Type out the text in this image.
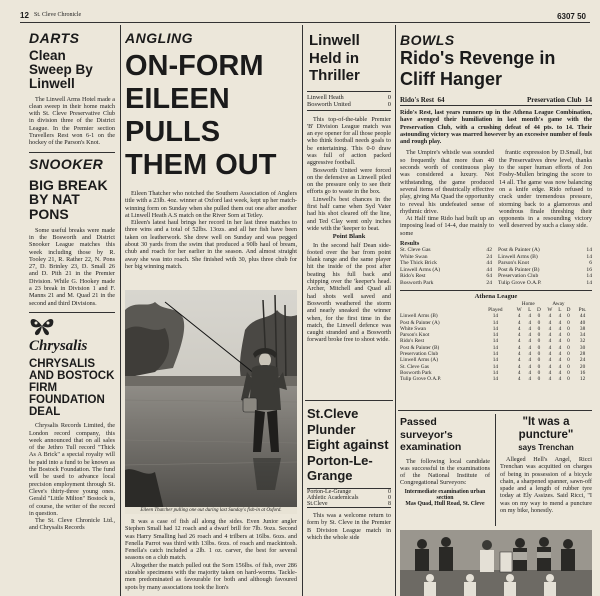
12 St. Cleve Chronicle	6307 50
DARTS
Clean Sweep By Linwell

The Linwell Arms Hotel made a clean sweep in their home match with St. Cleve Preservative Club in division three of the District League. In the Premier section Travellers Rest won 6-1 on the hockey of the Parson's Knot.

SNOOKER
BIG BREAK BY NAT PONS

Some useful breaks were made in the Bosworth and District Snooker League matches this week including those by R. Tooley 21, R. Rather 22, N. Pons 27, D. Brinley 23, D. Small 26 and D. Pith 21 in the Premier Division. While G. Hookey made a 23 break in Division 1 and F. Manns 21 and M. Quad 21 in the second and third Divisions.

Chrysalis
CHRYSALIS AND BOSTOCK FIRM FOUNDATION DEAL

Chrysalis Records Limited, the London record company, this week announced that on all sales of the Jethro Tull record "Thick As A Brick" a special royalty will be paid into a fund to be known as the Bostock Foundation. The fund will be used to advance local precision employment through St. Cleve's thirty-three young ones. Gerald "Little Milton" Bostock is, of course, the writer of the record in question.

The St. Cleve Chronicle Ltd., and Chrysalis Records

ANGLING
ON-FORM EILEEN PULLS THEM OUT

Eileen Thatcher who notched the Southern Association of Anglers title with a 23lb. 4oz. winner at Oxford last week, kept up her match-winning form on Sunday when she pulled them out one after another at Linwell Heath A.S match on the River Sorn at Tetley.

Eileen's latest haul brings her record in her last three matches to three wins and a total of 52lbs. 13ozs. and all her fish have been taken on leatherwork. She drew well on Sunday and was pegged about 30 yards from the swim that produced a 90lb haul of bream, chub and roach for her earlier in the season. And almost straight away she was into roach. She finished with 30, plus three chub for her big winning match.

Eileen Thatcher pulling one out during last Sunday's fish-in at Oxford.

It was a case of fish all along the sides. Even Junior angler Stephen Small had 12 roach and a dwarf brill for 7lb. 9ozs. Second was Harry Smalling had 26 roach and 4 trilbers at 16lbs. 6ozs. and Fenella Parrot was third with 13lbs. 6ozs. of roach and mackintosh. Fenella's catch included a 2lb. 1 oz. carver, the best for several seasons on a club match.

Altogether the match pulled out the Sorn 156lbs. of fish, over 286 sizeable specimens with the majority taken on hard-worms. Tackle-men predominated as favourable for both and although favoured spots by many associations took the lion's

Linwell Held in Thriller
Linwell Heath	0
Bosworth United	0

This top-of-the-table Premier 'B' Division League match was an eye opener for all those people who think football needs goals to be entertaining. This 0-0 draw was full of action packed aggressive football.

Bosworth United were forced on the defensive as Linwell piled on the pressure only to see their efforts go to waste in the box.

Linwell's best chances in the first half came when Syd Vater had his shot cleared off the line, and Ted Clay went only inches wide with the 'keeper to beat.

Point Blank

In the second half Dean side-footed over the bar from point blank range and the same player hit the inside of the post after beating his full back and chipping over the 'keeper's head. Archer, Mitchell and Quad all had shots well saved and Bosworth weathered the storm and nearly sneaked the winner when, for the first time in the match, the Linwell defence was caught stranded and a Bosworth forward broke free to shoot wide.

St.Cleve Plunder Eight against Porton-Le-Grange
Porton-Le-Grange	0
Athletic Academicals	0
St.Cleve	8

This was a welcome return to form by St. Cleve in the Premier B Division League match in which the whole side

BOWLS
Rido's Revenge in Cliff Hanger
Rido's Rest 64	Preservation Club 14
Rido's Rest, last years runners up in the Athena League Combination, have avenged their humiliation in last month's game with the Preservation Club, with a crushing defeat of 44 pts. to 14. Their astounding victory was marred however by an excessive number of fouls and rough play.

The Umpire's whistle was sounded so frequently that more than 40 seconds worth of continuous play was considered a luxury. Not withstanding, the game produced several items of theatrically effective play, giving Ma Quad the opportunity to reveal his undefeated sense of rhythmic drive.

At Half time Rido had built up an imposing lead of 14-4, due mainly to some

frantic expression by D.Small, but the Preservatives drew level, thanks to the super human efforts of Jon Fosby-Mullen bringing the score to 14 all. The game was now balancing on a knife edge. Rido refused to crack under tremendous pressure, storming back to a glamorous and wondrous finale threshing their opponents in a resounding victory well deserved by such a classy side.

Results
St. Cleve Gas	42	Post & Painter (A)	14
White Swan	24	Linwell Arms (B)	14
The Thick Brick	44	Parson's Knot	6
Linwell Arms (A)	44	Post & Painter (B)	16
Rido's Rest	64	Preservation Club	14
Bosworth Park	24	Tulip Grove O.A.P.	14
Athena League
		Home			Away			
	Played	W	L	D	W	L	D	Pts.
Linwell Arms (B)	14	4	4	0	4	4	0	44
Post & Painter (A)	14	4	4	0	4	4	0	40
White Swan	14	4	4	0	4	4	0	38
Parson's Knot	14	4	4	0	4	4	0	34
Rido's Rest	14	4	4	0	4	4	0	32
Post & Painter (B)	14	4	4	0	4	4	0	30
Preservation Club	14	4	4	0	4	4	0	28
Linwell Arms (A)	14	4	4	0	4	4	0	24
St. Cleve Gas	14	4	4	0	4	4	0	20
Bosworth Park	14	4	4	0	4	4	0	16
Tulip Grove O.A.P.	14	4	4	0	4	4	0	12
Passed surveyor's examination

The following local candidate was successful in the examinations of the National Institute of Congregational Surveyors:

Intermediate examination urban section
Mas Quad, Hull Road, St. Cleve
"It was a puncture"
says Trenchan

Alleged Hell's Angel, Ricci Trenchan was acquitted on charges of being in possession of a bicycle chain, a sharpened spanner, sawn-off spade and a length of rubber tyre today at Ely Assizes. Said Ricci, "I was on my way to mend a puncture on my bike, honestly.
